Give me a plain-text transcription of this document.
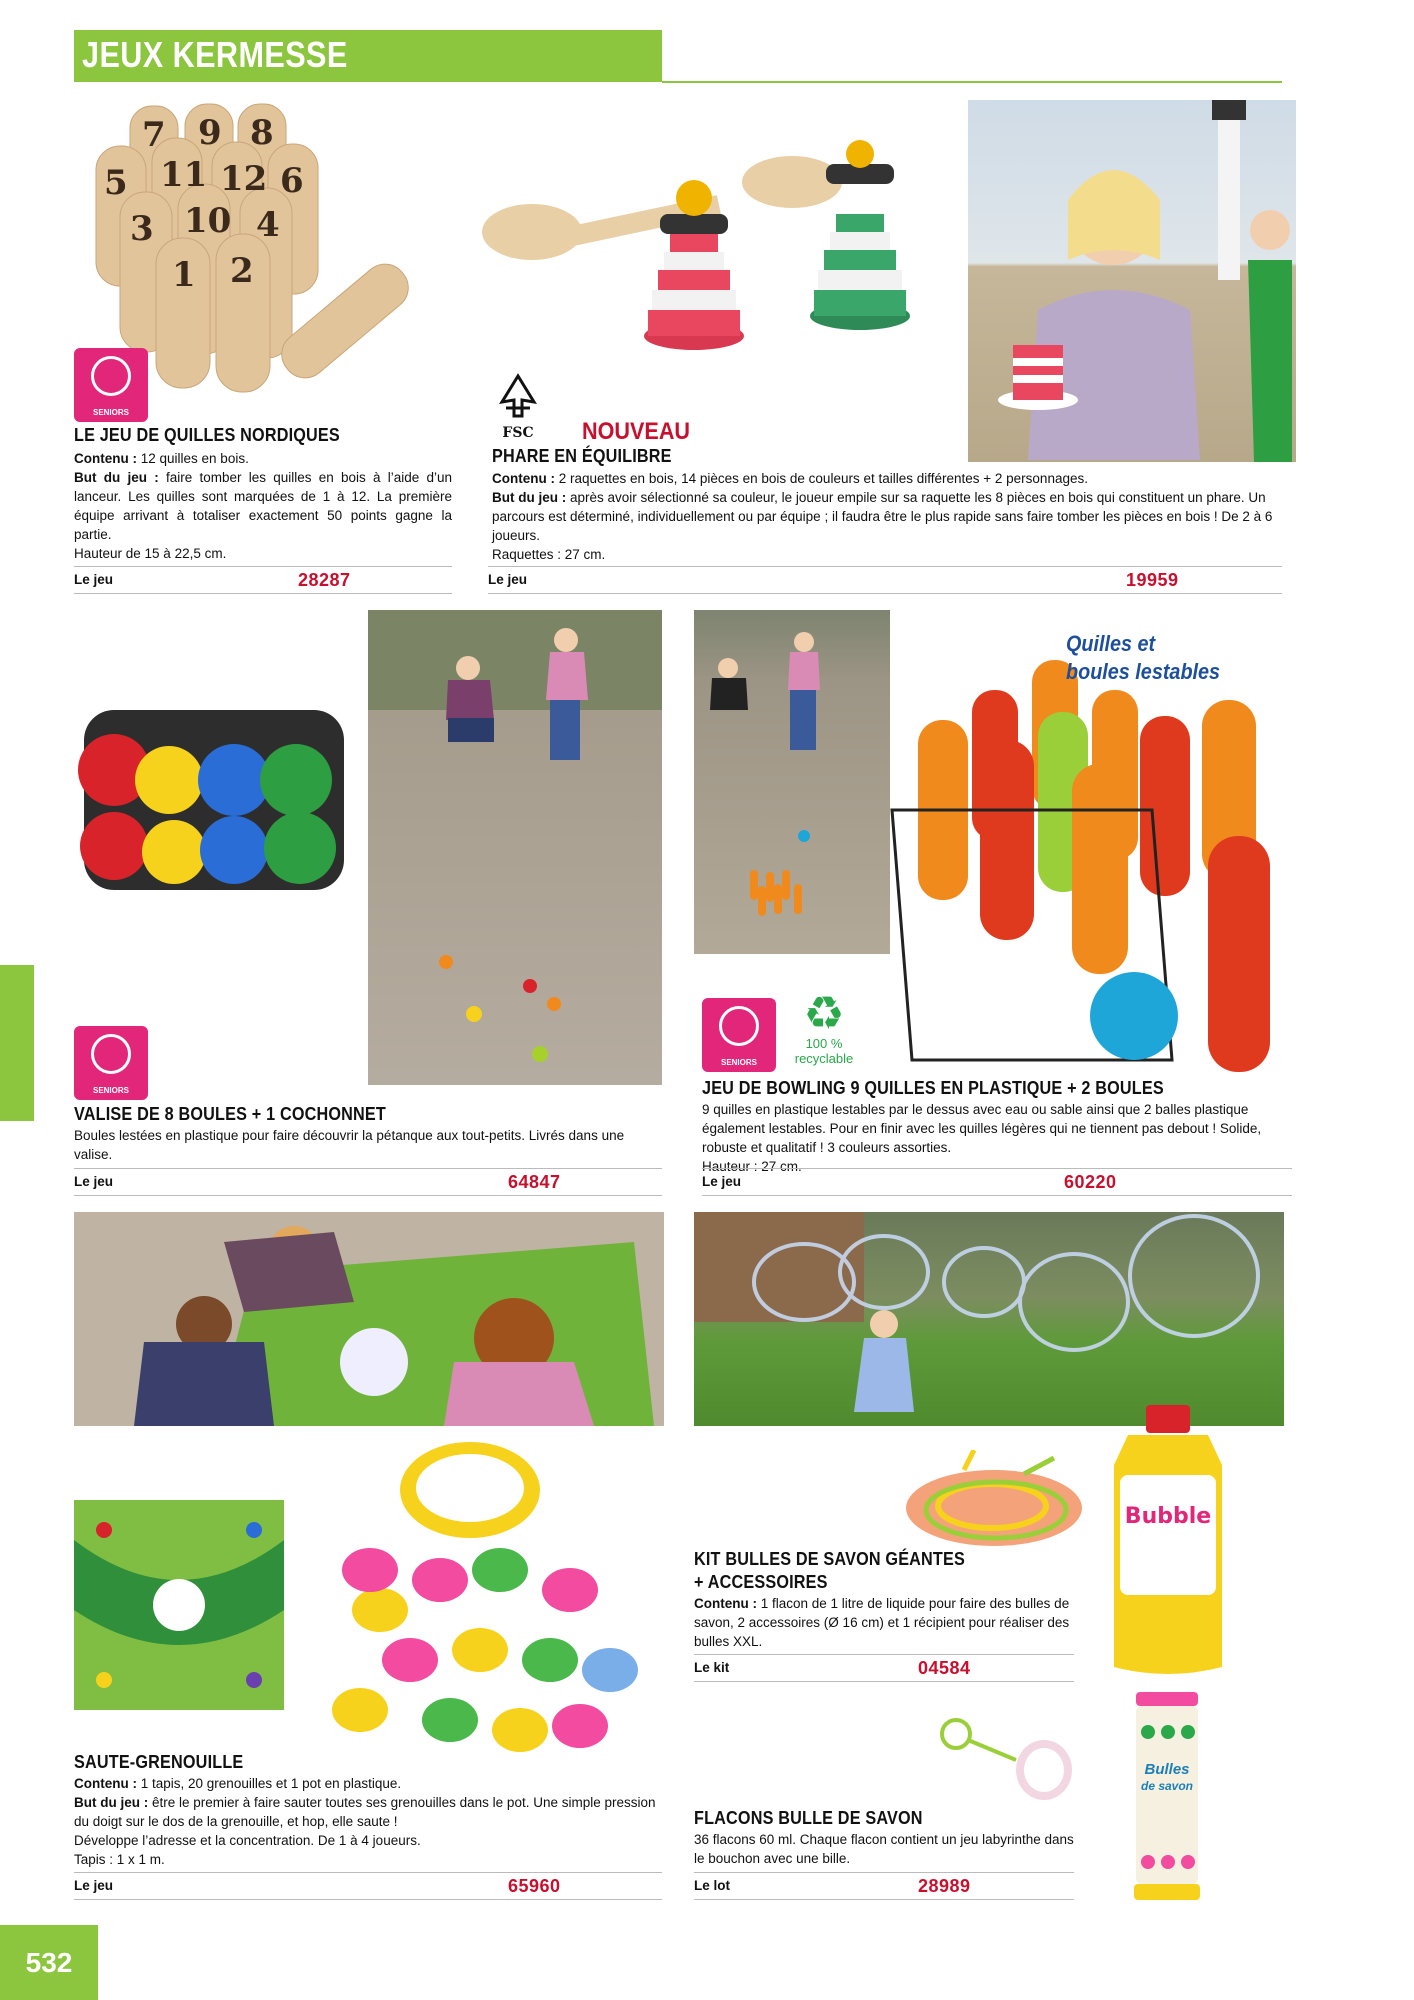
JEUX KERMESSE
7 9 8
5 11 12 6
3 10 4
1 2
SENIORS
LE JEU DE QUILLES NORDIQUES
Contenu : 12 quilles en bois.
But du jeu : faire tomber les quilles en bois à l’aide d’un lanceur. Les quilles sont marquées de 1 à 12. La première équipe arrivant à totaliser exactement 50 points gagne la partie.
Hauteur de 15 à 22,5 cm.
Le jeu	28287
FSC	NOUVEAU
PHARE EN ÉQUILIBRE
Contenu : 2 raquettes en bois, 14 pièces en bois de couleurs et tailles différentes + 2 personnages.
But du jeu : après avoir sélectionné sa couleur, le joueur empile sur sa raquette les 8 pièces en bois qui constituent un phare. Un parcours est déterminé, individuellement ou par équipe ; il faudra être le plus rapide sans faire tomber les pièces en bois ! De 2 à 6 joueurs.
Raquettes : 27 cm.
Le jeu	19959
SENIORS
VALISE DE 8 BOULES + 1 COCHONNET
Boules lestées en plastique pour faire découvrir la pétanque aux tout-petits. Livrés dans une valise.
Le jeu	64847
Quilles et
boules lestables
SENIORS
♻
100 %
recyclable
JEU DE BOWLING 9 QUILLES EN PLASTIQUE + 2 BOULES
9 quilles en plastique lestables par le dessus avec eau ou sable ainsi que 2 balles plastique également lestables. Pour en finir avec les quilles légères qui ne tiennent pas debout ! Solide, robuste et qualitatif ! 3 couleurs assorties.
Hauteur : 27 cm.
Le jeu	60220
SAUTE-GRENOUILLE
Contenu : 1 tapis, 20 grenouilles et 1 pot en plastique.
But du jeu : être le premier à faire sauter toutes ses grenouilles dans le pot. Une simple pression du doigt sur le dos de la grenouille, et hop, elle saute !
Développe l’adresse et la concentration. De 1 à 4 joueurs.
Tapis : 1 x 1 m.
Le jeu	65960
Bubble
KIT BULLES DE SAVON GÉANTES
+ ACCESSOIRES
Contenu : 1 flacon de 1 litre de liquide pour faire des bulles de savon, 2 accessoires (Ø 16 cm) et 1 récipient pour réaliser des bulles XXL.
Le kit	04584
Bulles
de savon
FLACONS BULLE DE SAVON
36 flacons 60 ml. Chaque flacon contient un jeu labyrinthe dans le bouchon avec une bille.
Le lot	28989
532
